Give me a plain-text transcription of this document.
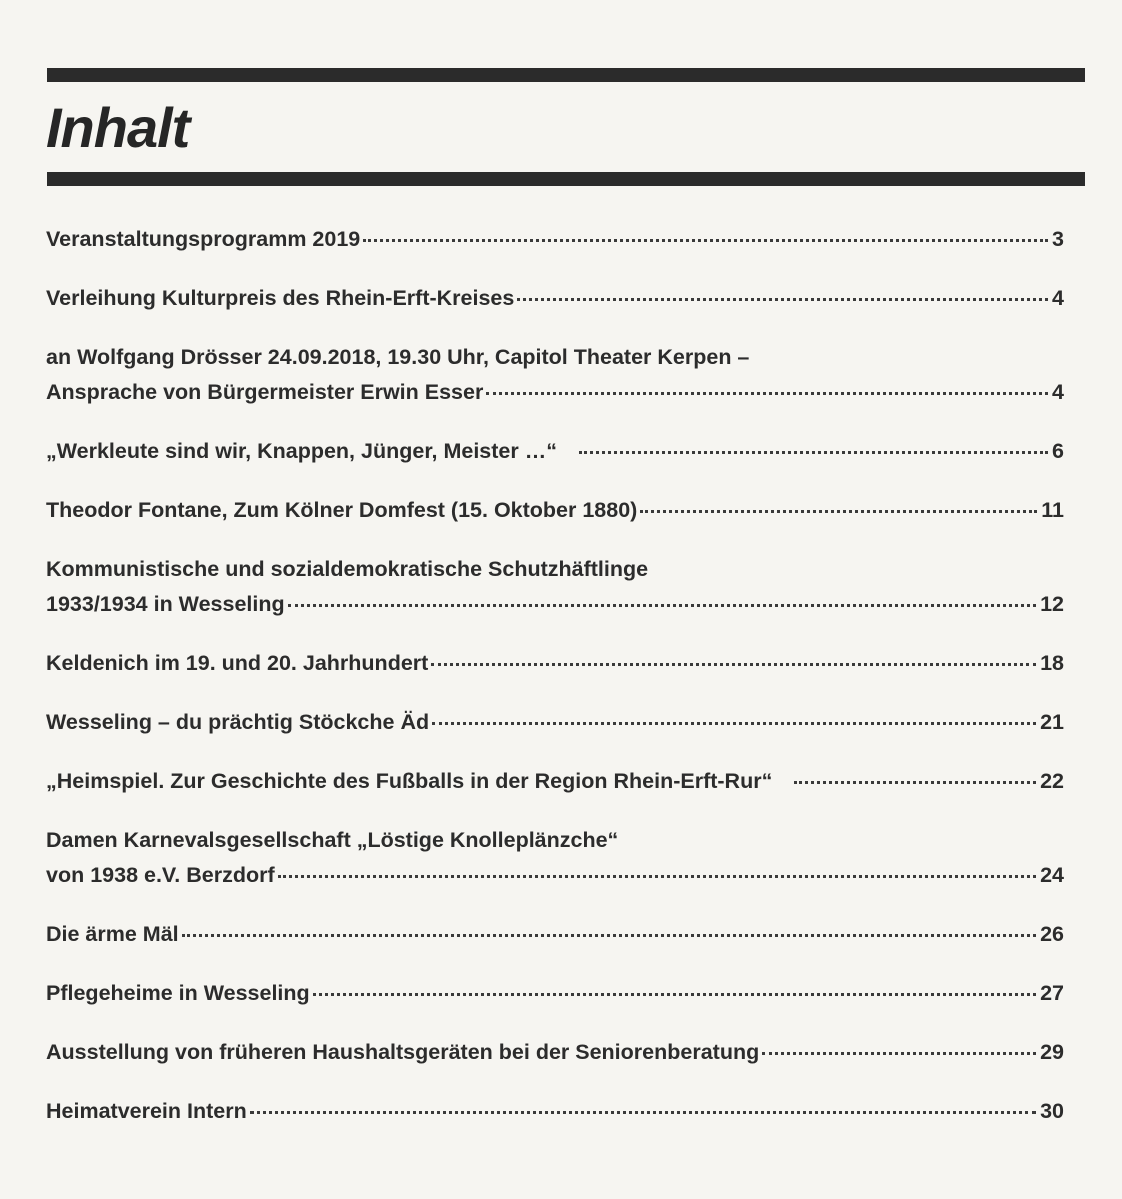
Inhalt
Veranstaltungsprogramm 2019	3
Verleihung Kulturpreis des Rhein-Erft-Kreises	4
an Wolfgang Drösser 24.09.2018, 19.30 Uhr, Capitol Theater Kerpen –
Ansprache von Bürgermeister Erwin Esser	4
„Werkleute sind wir, Knappen, Jünger, Meister …“	6
Theodor Fontane, Zum Kölner Domfest (15. Oktober 1880)	11
Kommunistische und sozialdemokratische Schutzhäftlinge
1933/1934 in Wesseling	12
Keldenich im 19. und 20. Jahrhundert	18
Wesseling – du prächtig Stöckche Äd	21
„Heimspiel. Zur Geschichte des Fußballs in der Region Rhein-Erft-Rur“	22
Damen Karnevalsgesellschaft „Löstige Knolleplänzche“
von 1938 e.V. Berzdorf	24
Die ärme Mäl	26
Pflegeheime in Wesseling	27
Ausstellung von früheren Haushaltsgeräten bei der Seniorenberatung	29
Heimatverein Intern	30
